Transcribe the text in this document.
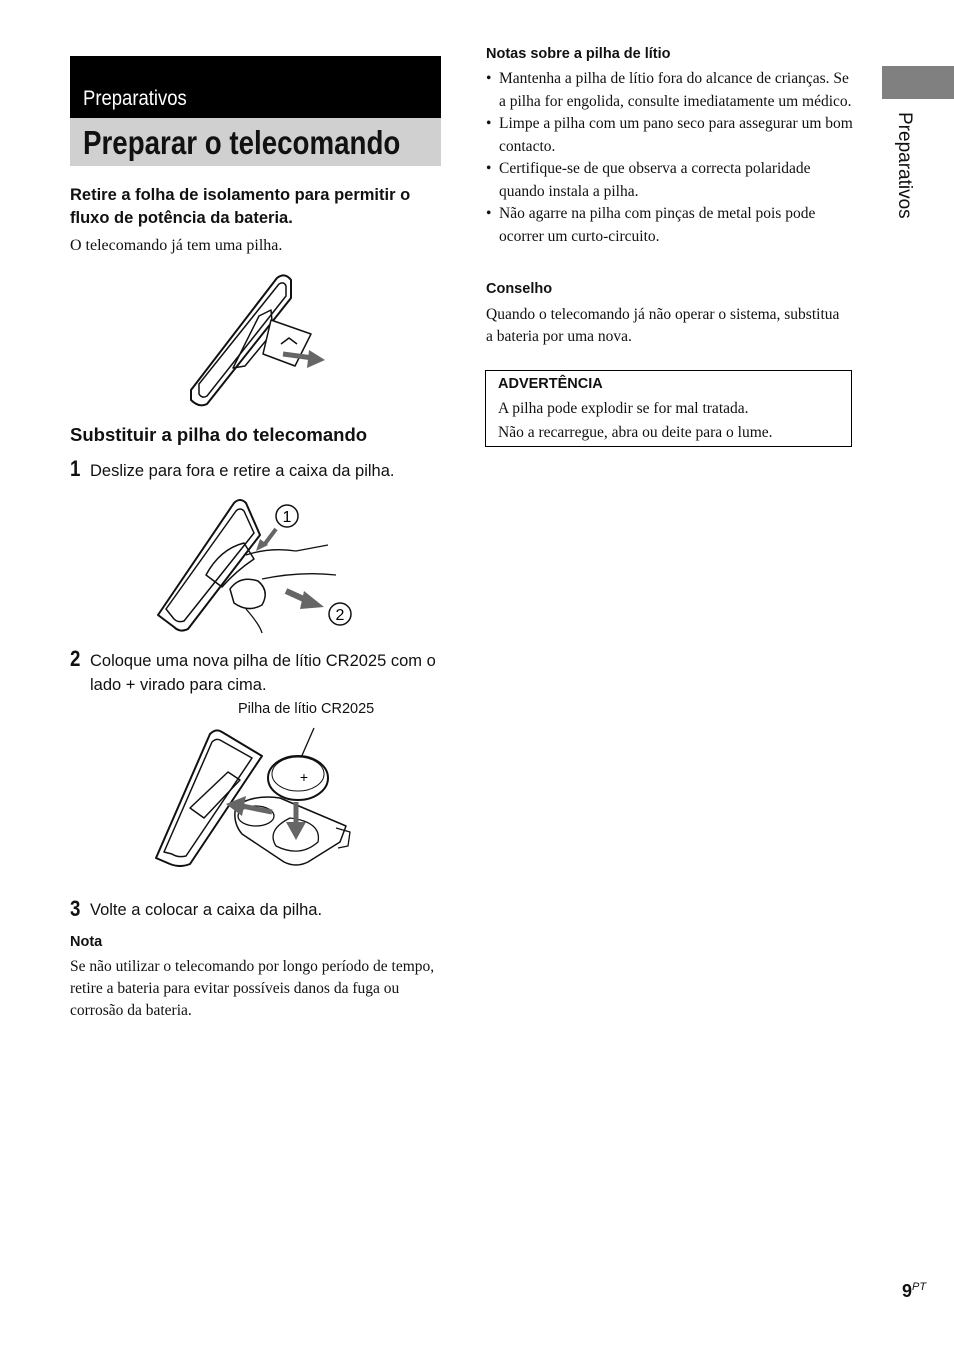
Preparativos
Preparar o telecomando
Retire a folha de isolamento para permitir o fluxo de potência da bateria.
O telecomando já tem uma pilha.
Substituir a pilha do telecomando
1 Deslize para fora e retire a caixa da pilha.
1
2
2 Coloque uma nova pilha de lítio CR2025 com o lado + virado para cima.
Pilha de lítio CR2025
+
3 Volte a colocar a caixa da pilha.
Nota
Se não utilizar o telecomando por longo período de tempo, retire a bateria para evitar possíveis danos da fuga ou corrosão da bateria.
Notas sobre a pilha de lítio
• Mantenha a pilha de lítio fora do alcance de crianças. Se a pilha for engolida, consulte imediatamente um médico.
• Limpe a pilha com um pano seco para assegurar um bom contacto.
• Certifique-se de que observa a correcta polaridade quando instala a pilha.
• Não agarre na pilha com pinças de metal pois pode ocorrer um curto-circuito.
Conselho
Quando o telecomando já não operar o sistema, substitua a bateria por uma nova.
ADVERTÊNCIA
A pilha pode explodir se for mal tratada.
Não a recarregue, abra ou deite para o lume.
Preparativos
$9^{PT}$
